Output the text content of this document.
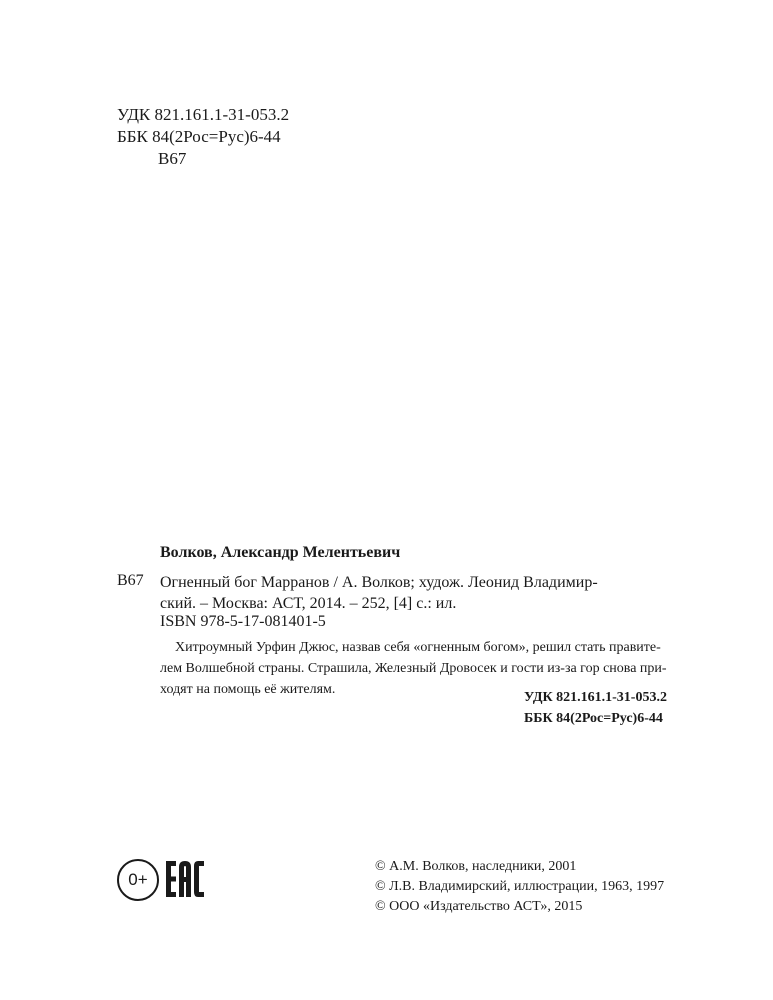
УДК 821.161.1-31-053.2
ББК 84(2Рос=Рус)6-44
В67
Волков, Александр Мелентьевич
В67 Огненный бог Марранов / А. Волков; худож. Леонид Владимир-
ский. – Москва: АСТ, 2014. – 252, [4] с.: ил.
ISBN 978-5-17-081401-5
Хитроумный Урфин Джюс, назвав себя «огненным богом», решил стать правите-
лем Волшебной страны. Страшила, Железный Дровосек и гости из-за гор снова при-
ходят на помощь её жителям.
УДК 821.161.1-31-053.2
ББК 84(2Рос=Рус)6-44
0+
© А.М. Волков, наследники, 2001
© Л.В. Владимирский, иллюстрации, 1963, 1997
© ООО «Издательство АСТ», 2015
